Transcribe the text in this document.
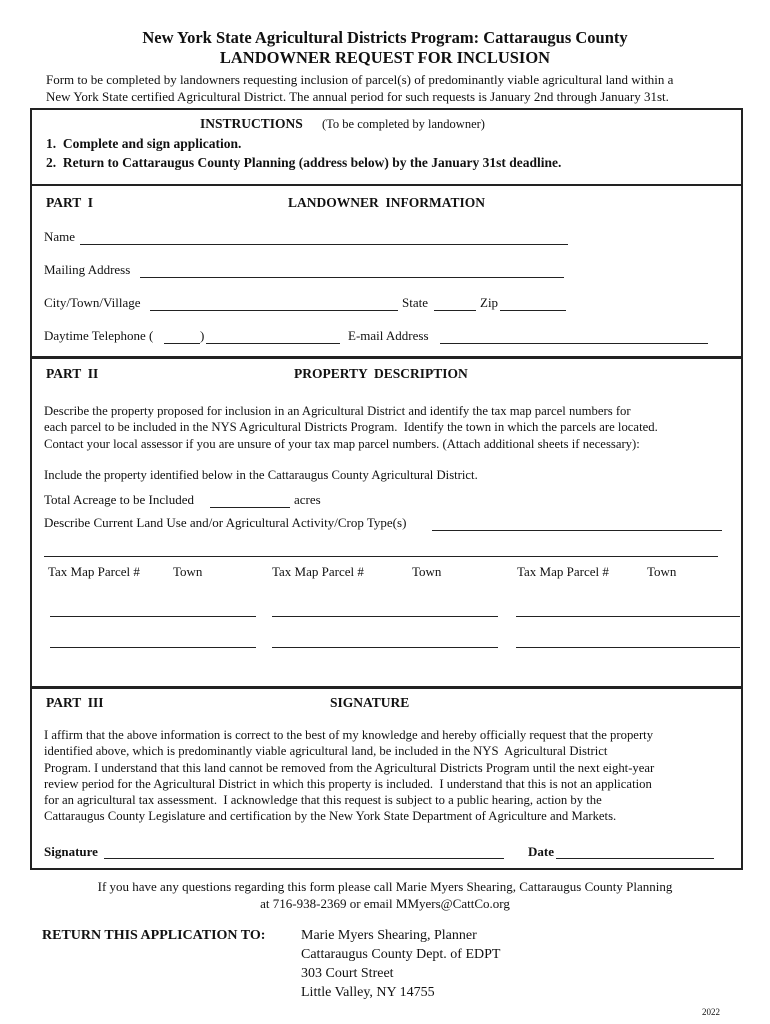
New York State Agricultural Districts Program: Cattaraugus County
LANDOWNER REQUEST FOR INCLUSION
Form to be completed by landowners requesting inclusion of parcel(s) of predominantly viable agricultural land within a
New York State certified Agricultural District. The annual period for such requests is January 2nd through January 31st.
INSTRUCTIONS (To be completed by landowner)
1.  Complete and sign application.
2.  Return to Cattaraugus County Planning (address below) by the January 31st deadline.
PART  I	LANDOWNER  INFORMATION
Name
Mailing Address
City/Town/Village	State	Zip
Daytime Telephone (	)	E-mail Address
PART  II	PROPERTY  DESCRIPTION
Describe the property proposed for inclusion in an Agricultural District and identify the tax map parcel numbers for
each parcel to be included in the NYS Agricultural Districts Program.  Identify the town in which the parcels are located.
Contact your local assessor if you are unsure of your tax map parcel numbers. (Attach additional sheets if necessary):
Include the property identified below in the Cattaraugus County Agricultural District.
Total Acreage to be Included	acres
Describe Current Land Use and/or Agricultural Activity/Crop Type(s)
Tax Map Parcel #	Town	Tax Map Parcel #	Town	Tax Map Parcel #	Town
PART  III	SIGNATURE
I affirm that the above information is correct to the best of my knowledge and hereby officially request that the property
identified above, which is predominantly viable agricultural land, be included in the NYS  Agricultural District
Program. I understand that this land cannot be removed from the Agricultural Districts Program until the next eight-year
review period for the Agricultural District in which this property is included.  I understand that this is not an application
for an agricultural tax assessment.  I acknowledge that this request is subject to a public hearing, action by the
Cattaraugus County Legislature and certification by the New York State Department of Agriculture and Markets.
Signature	Date
If you have any questions regarding this form please call Marie Myers Shearing, Cattaraugus County Planning
at 716-938-2369 or email MMyers@CattCo.org
RETURN THIS APPLICATION TO:	Marie Myers Shearing, Planner
Cattaraugus County Dept. of EDPT
303 Court Street
Little Valley, NY 14755
2022
